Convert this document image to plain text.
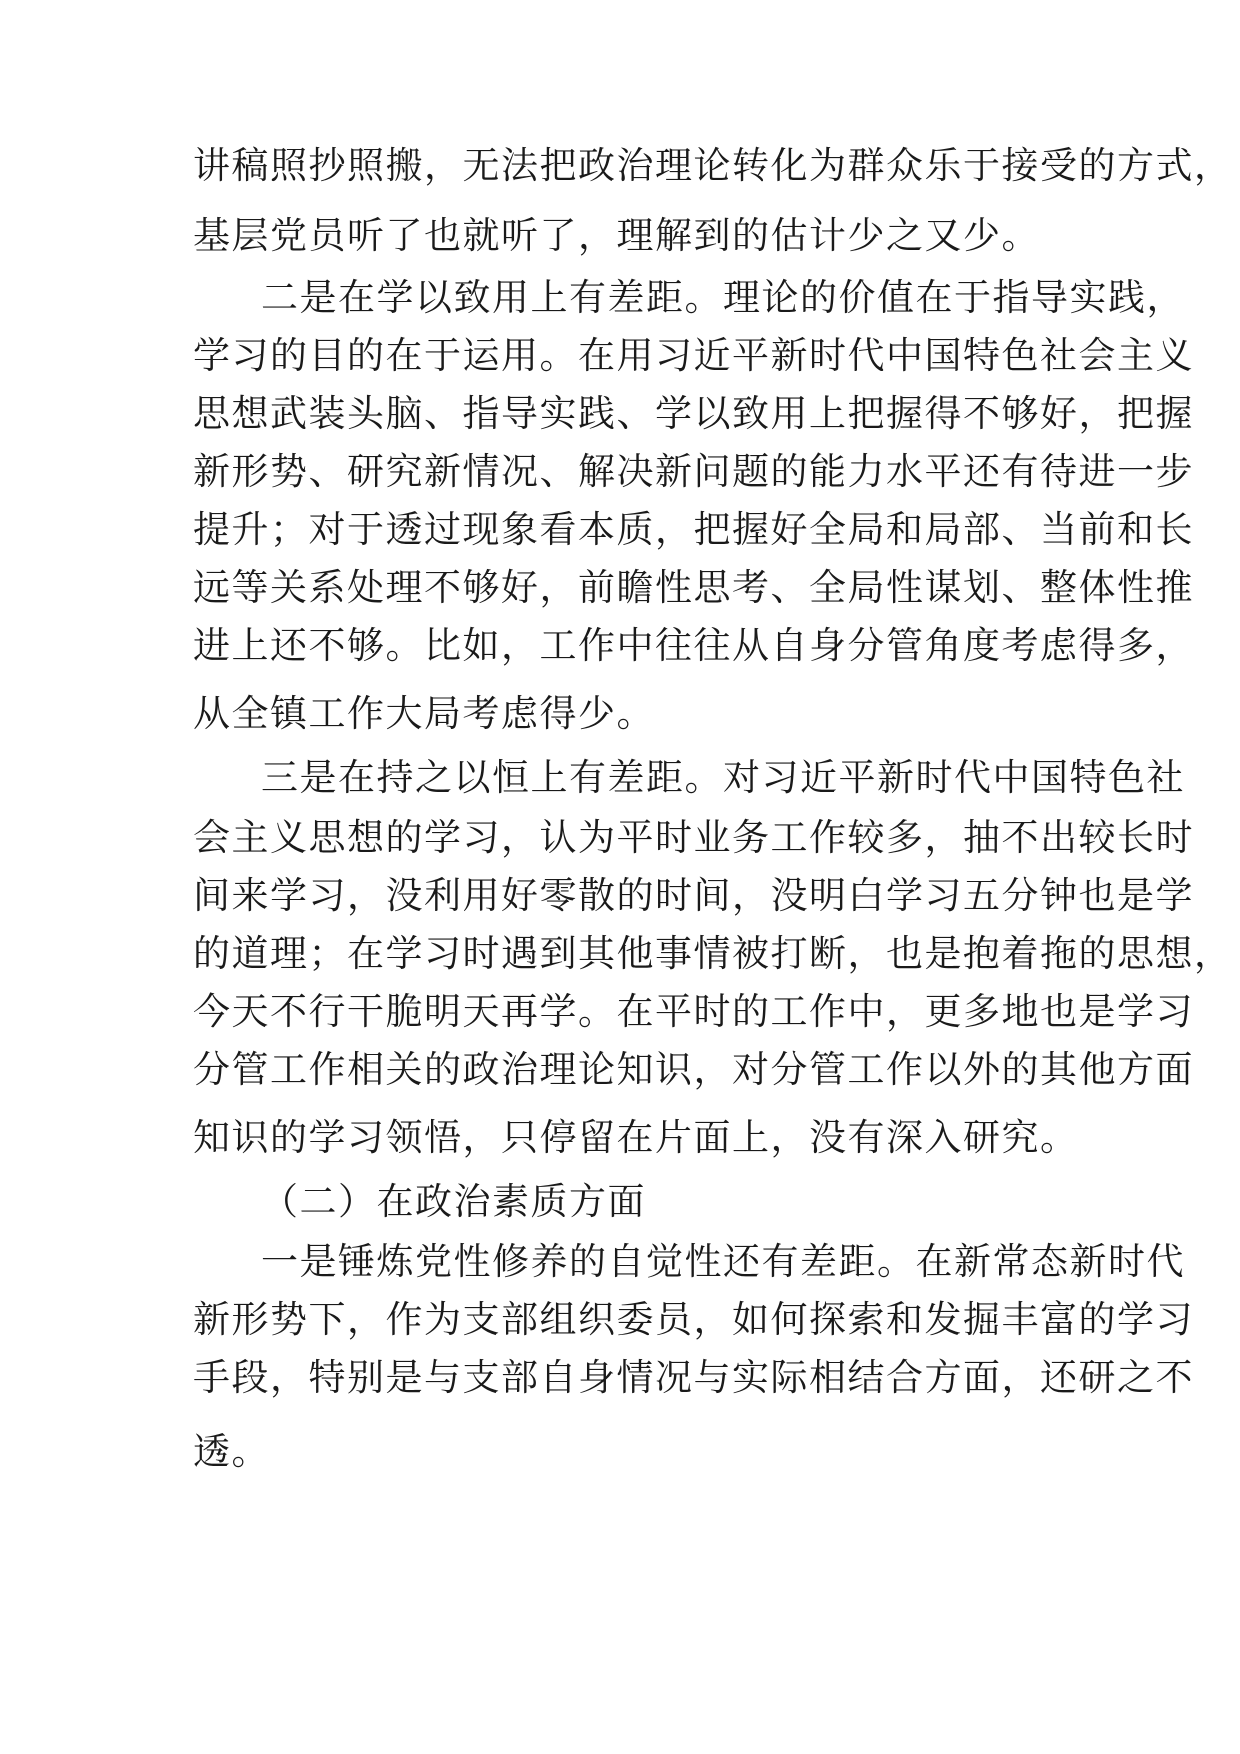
讲稿照抄照搬，无法把政治理论转化为群众乐于接受的方式，
基层党员听了也就听了，理解到的估计少之又少。
二是在学以致用上有差距。理论的价值在于指导实践，
学习的目的在于运用。在用习近平新时代中国特色社会主义
思想武装头脑、指导实践、学以致用上把握得不够好，把握
新形势、研究新情况、解决新问题的能力水平还有待进一步
提升；对于透过现象看本质，把握好全局和局部、当前和长
远等关系处理不够好，前瞻性思考、全局性谋划、整体性推
进上还不够。比如，工作中往往从自身分管角度考虑得多，
从全镇工作大局考虑得少。
三是在持之以恒上有差距。对习近平新时代中国特色社
会主义思想的学习，认为平时业务工作较多，抽不出较长时
间来学习，没利用好零散的时间，没明白学习五分钟也是学
的道理；在学习时遇到其他事情被打断，也是抱着拖的思想，
今天不行干脆明天再学。在平时的工作中，更多地也是学习
分管工作相关的政治理论知识，对分管工作以外的其他方面
知识的学习领悟，只停留在片面上，没有深入研究。
（二）在政治素质方面
一是锤炼党性修养的自觉性还有差距。在新常态新时代
新形势下，作为支部组织委员，如何探索和发掘丰富的学习
手段，特别是与支部自身情况与实际相结合方面，还研之不
透。
